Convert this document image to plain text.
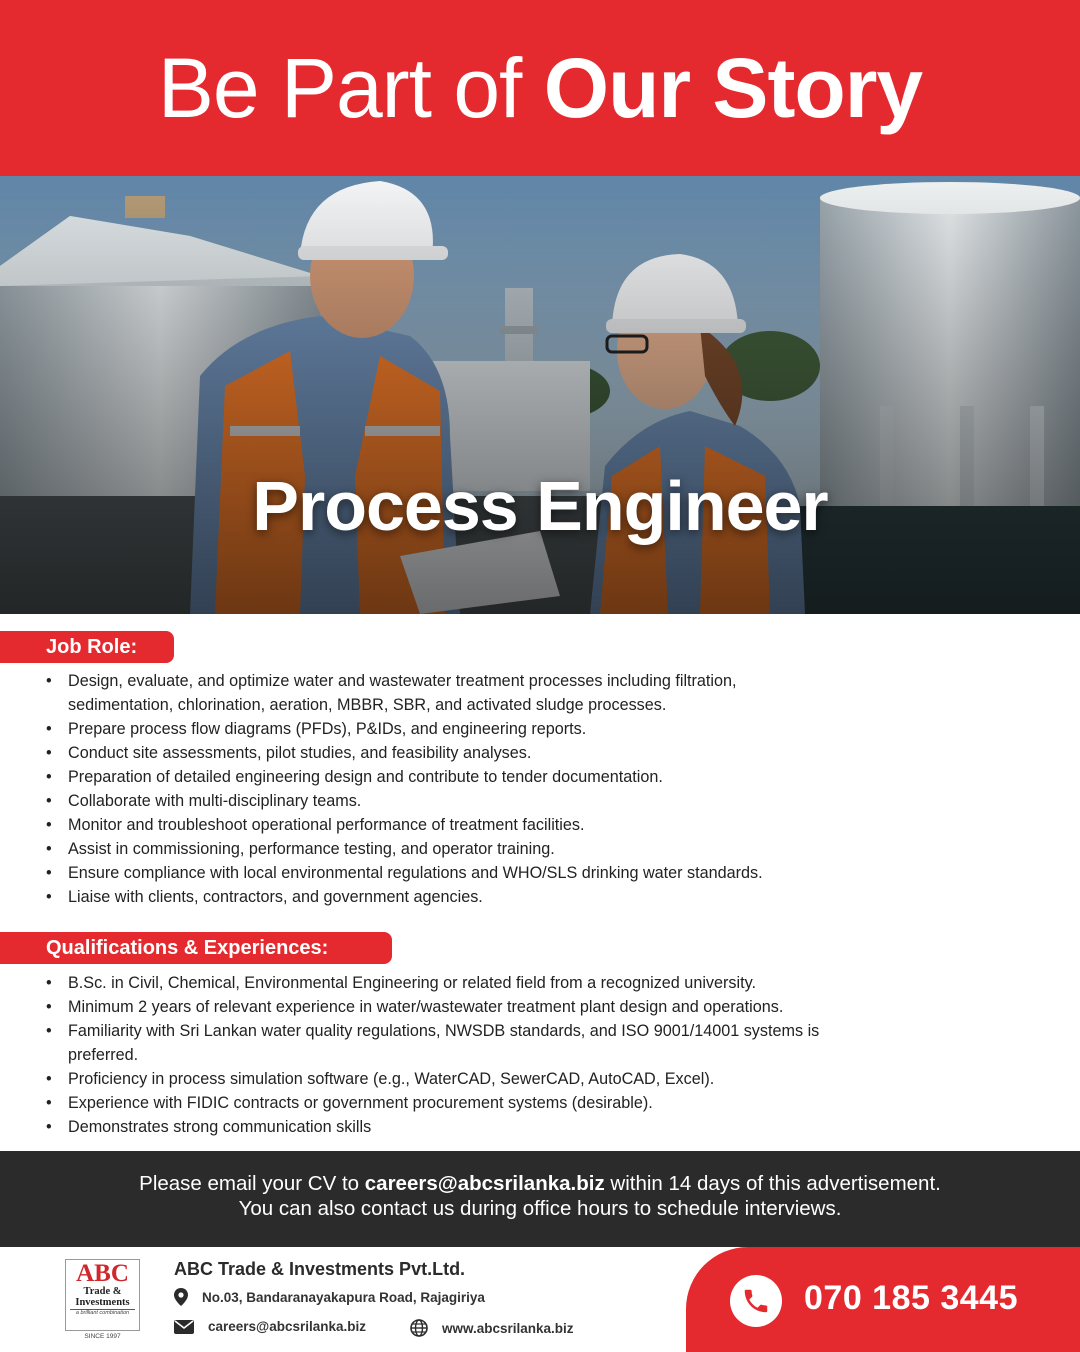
Be Part of Our Story
Process Engineer
Job Role:
• Design, evaluate, and optimize water and wastewater treatment processes including filtration, sedimentation, chlorination, aeration, MBBR, SBR, and activated sludge processes.
• Prepare process flow diagrams (PFDs), P&IDs, and engineering reports.
• Conduct site assessments, pilot studies, and feasibility analyses.
• Preparation of detailed engineering design and contribute to tender documentation.
• Collaborate with multi-disciplinary teams.
• Monitor and troubleshoot operational performance of treatment facilities.
• Assist in commissioning, performance testing, and operator training.
• Ensure compliance with local environmental regulations and WHO/SLS drinking water standards.
• Liaise with clients, contractors, and government agencies.
Qualifications & Experiences:
• B.Sc. in Civil, Chemical, Environmental Engineering or related field from a recognized university.
• Minimum 2 years of relevant experience in water/wastewater treatment plant design and operations.
• Familiarity with Sri Lankan water quality regulations, NWSDB standards, and ISO 9001/14001 systems is preferred.
• Proficiency in process simulation software (e.g., WaterCAD, SewerCAD, AutoCAD, Excel).
• Experience with FIDIC contracts or government procurement systems (desirable).
• Demonstrates strong communication skills
Please email your CV to careers@abcsrilanka.biz within 14 days of this advertisement.
You can also contact us during office hours to schedule interviews.
ABC
Trade &
Investments
a brilliant combination
SINCE 1997
ABC Trade & Investments Pvt.Ltd.
No.03, Bandaranayakapura Road, Rajagiriya
careers@abcsrilanka.biz	www.abcsrilanka.biz
070 185 3445
